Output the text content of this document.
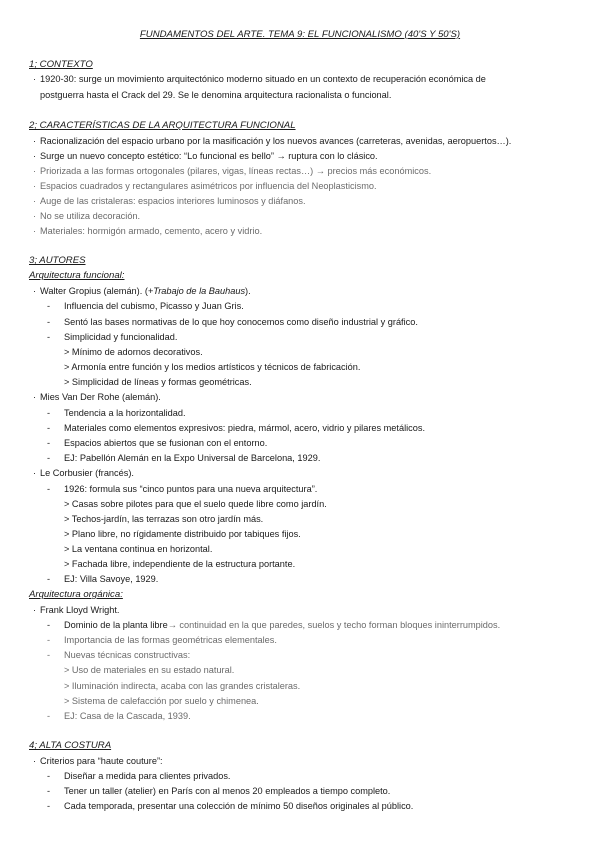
FUNDAMENTOS DEL ARTE. TEMA 9: EL FUNCIONALISMO (40'S Y 50'S)
1; CONTEXTO
· 1920-30: surge un movimiento arquitectónico moderno situado en un contexto de recuperación económica de
postguerra hasta el Crack del 29. Se le denomina arquitectura racionalista o funcional.
2; CARACTERÍSTICAS DE LA ARQUITECTURA FUNCIONAL
· Racionalización del espacio urbano por la masificación y los nuevos avances (carreteras, avenidas, aeropuertos…).
· Surge un nuevo concepto estético: “Lo funcional es bello” → ruptura con lo clásico.
· Priorizada a las formas ortogonales (pilares, vigas, líneas rectas…) → precios más económicos.
· Espacios cuadrados y rectangulares asimétricos por influencia del Neoplasticismo.
· Auge de las cristaleras: espacios interiores luminosos y diáfanos.
· No se utiliza decoración.
· Materiales: hormigón armado, cemento, acero y vidrio.
3; AUTORES
Arquitectura funcional:
· Walter Gropius (alemán). (+Trabajo de la Bauhaus).
- Influencia del cubismo, Picasso y Juan Gris.
- Sentó las bases normativas de lo que hoy conocemos como diseño industrial y gráfico.
- Simplicidad y funcionalidad.
> Mínimo de adornos decorativos.
> Armonía entre función y los medios artísticos y técnicos de fabricación.
> Simplicidad de líneas y formas geométricas.
· Mies Van Der Rohe (alemán).
- Tendencia a la horizontalidad.
- Materiales como elementos expresivos: piedra, mármol, acero, vidrio y pilares metálicos.
- Espacios abiertos que se fusionan con el entorno.
- EJ: Pabellón Alemán en la Expo Universal de Barcelona, 1929.
· Le Corbusier (francés).
- 1926: formula sus “cinco puntos para una nueva arquitectura”.
> Casas sobre pilotes para que el suelo quede libre como jardín.
> Techos-jardín, las terrazas son otro jardín más.
> Plano libre, no rígidamente distribuido por tabiques fijos.
> La ventana continua en horizontal.
> Fachada libre, independiente de la estructura portante.
- EJ: Villa Savoye, 1929.
Arquitectura orgánica:
· Frank Lloyd Wright.
- Dominio de la planta libre→ continuidad en la que paredes, suelos y techo forman bloques ininterrumpidos.
- Importancia de las formas geométricas elementales.
- Nuevas técnicas constructivas:
> Uso de materiales en su estado natural.
> Iluminación indirecta, acaba con las grandes cristaleras.
> Sistema de calefacción por suelo y chimenea.
- EJ: Casa de la Cascada, 1939.
4; ALTA COSTURA
· Criterios para “haute couture”:
- Diseñar a medida para clientes privados.
- Tener un taller (atelier) en París con al menos 20 empleados a tiempo completo.
- Cada temporada, presentar una colección de mínimo 50 diseños originales al público.
